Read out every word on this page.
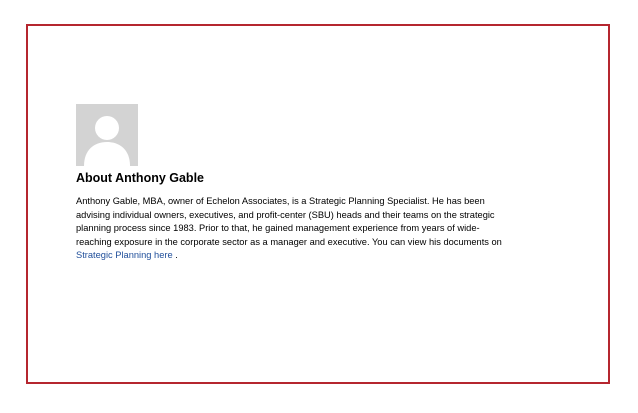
About Anthony Gable
Anthony Gable, MBA, owner of Echelon Associates, is a Strategic Planning Specialist. He has been
advising individual owners, executives, and profit-center (SBU) heads and their teams on the strategic
planning process since 1983. Prior to that, he gained management experience from years of wide-
reaching exposure in the corporate sector as a manager and executive. You can view his documents on
Strategic Planning here .
